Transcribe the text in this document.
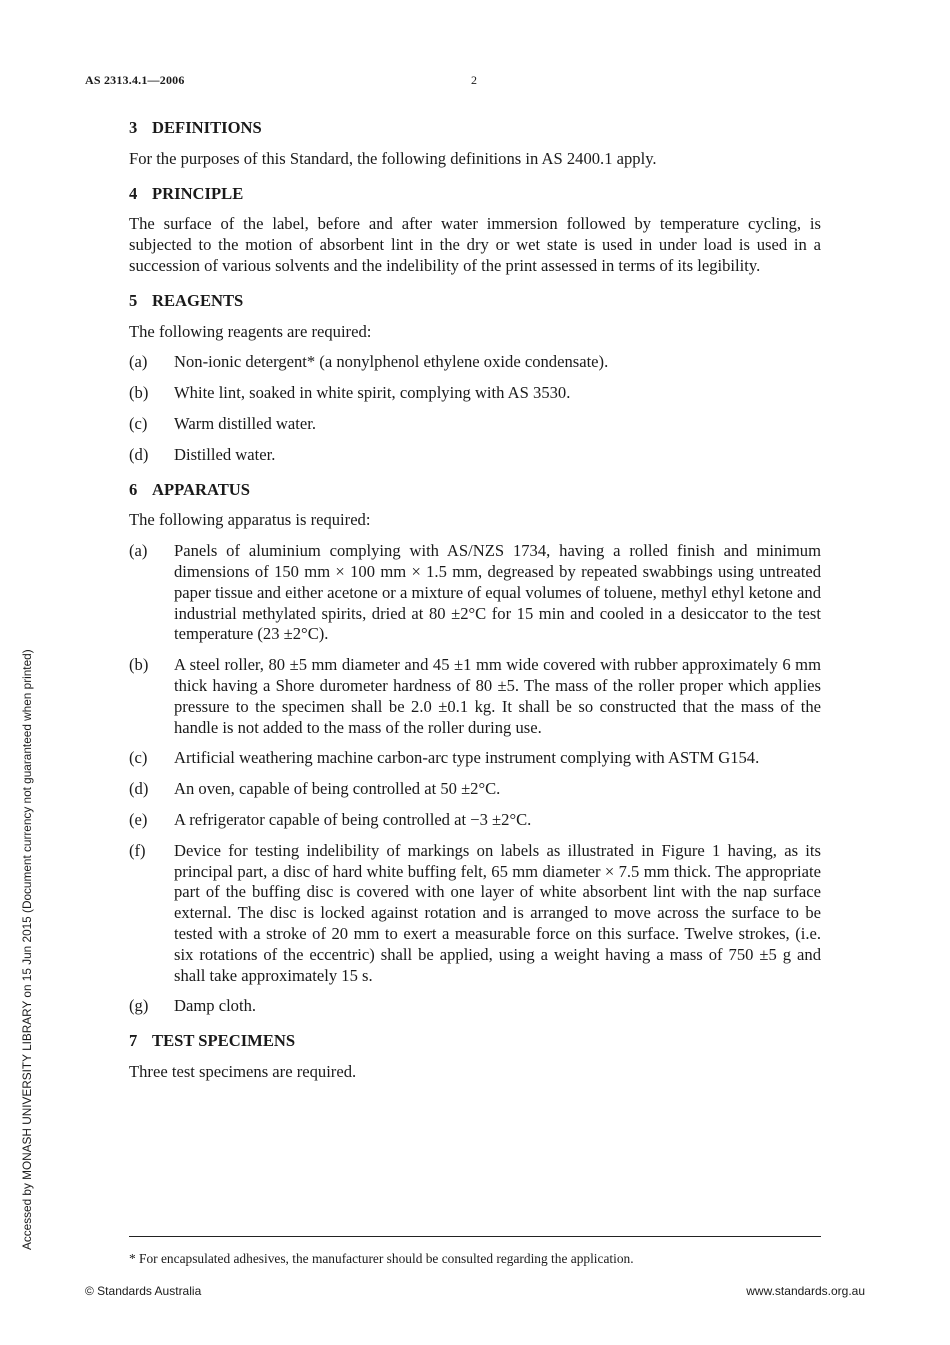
AS 2313.4.1—2006	2
3 DEFINITIONS
For the purposes of this Standard, the following definitions in AS 2400.1 apply.
4 PRINCIPLE
The surface of the label, before and after water immersion followed by temperature cycling, is subjected to the motion of absorbent lint in the dry or wet state is used in under load is used in a succession of various solvents and the indelibility of the print assessed in terms of its legibility.
5 REAGENTS
The following reagents are required:
(a)	Non-ionic detergent* (a nonylphenol ethylene oxide condensate).
(b)	White lint, soaked in white spirit, complying with AS 3530.
(c)	Warm distilled water.
(d)	Distilled water.
6 APPARATUS
The following apparatus is required:
(a)	Panels of aluminium complying with AS/NZS 1734, having a rolled finish and minimum dimensions of 150 mm × 100 mm × 1.5 mm, degreased by repeated swabbings using untreated paper tissue and either acetone or a mixture of equal volumes of toluene, methyl ethyl ketone and industrial methylated spirits, dried at 80 ±2°C for 15 min and cooled in a desiccator to the test temperature (23 ±2°C).
(b)	A steel roller, 80 ±5 mm diameter and 45 ±1 mm wide covered with rubber approximately 6 mm thick having a Shore durometer hardness of 80 ±5. The mass of the roller proper which applies pressure to the specimen shall be 2.0 ±0.1 kg. It shall be so constructed that the mass of the handle is not added to the mass of the roller during use.
(c)	Artificial weathering machine carbon-arc type instrument complying with ASTM G154.
(d)	An oven, capable of being controlled at 50 ±2°C.
(e)	A refrigerator capable of being controlled at −3 ±2°C.
(f)	Device for testing indelibility of markings on labels as illustrated in Figure 1 having, as its principal part, a disc of hard white buffing felt, 65 mm diameter × 7.5 mm thick. The appropriate part of the buffing disc is covered with one layer of white absorbent lint with the nap surface external. The disc is locked against rotation and is arranged to move across the surface to be tested with a stroke of 20 mm to exert a measurable force on this surface. Twelve strokes, (i.e. six rotations of the eccentric) shall be applied, using a weight having a mass of 750 ±5 g and shall take approximately 15 s.
(g)	Damp cloth.
7 TEST SPECIMENS
Three test specimens are required.
* For encapsulated adhesives, the manufacturer should be consulted regarding the application.
© Standards Australia	www.standards.org.au
Accessed by MONASH UNIVERSITY LIBRARY on 15 Jun 2015 (Document currency not guaranteed when printed)
